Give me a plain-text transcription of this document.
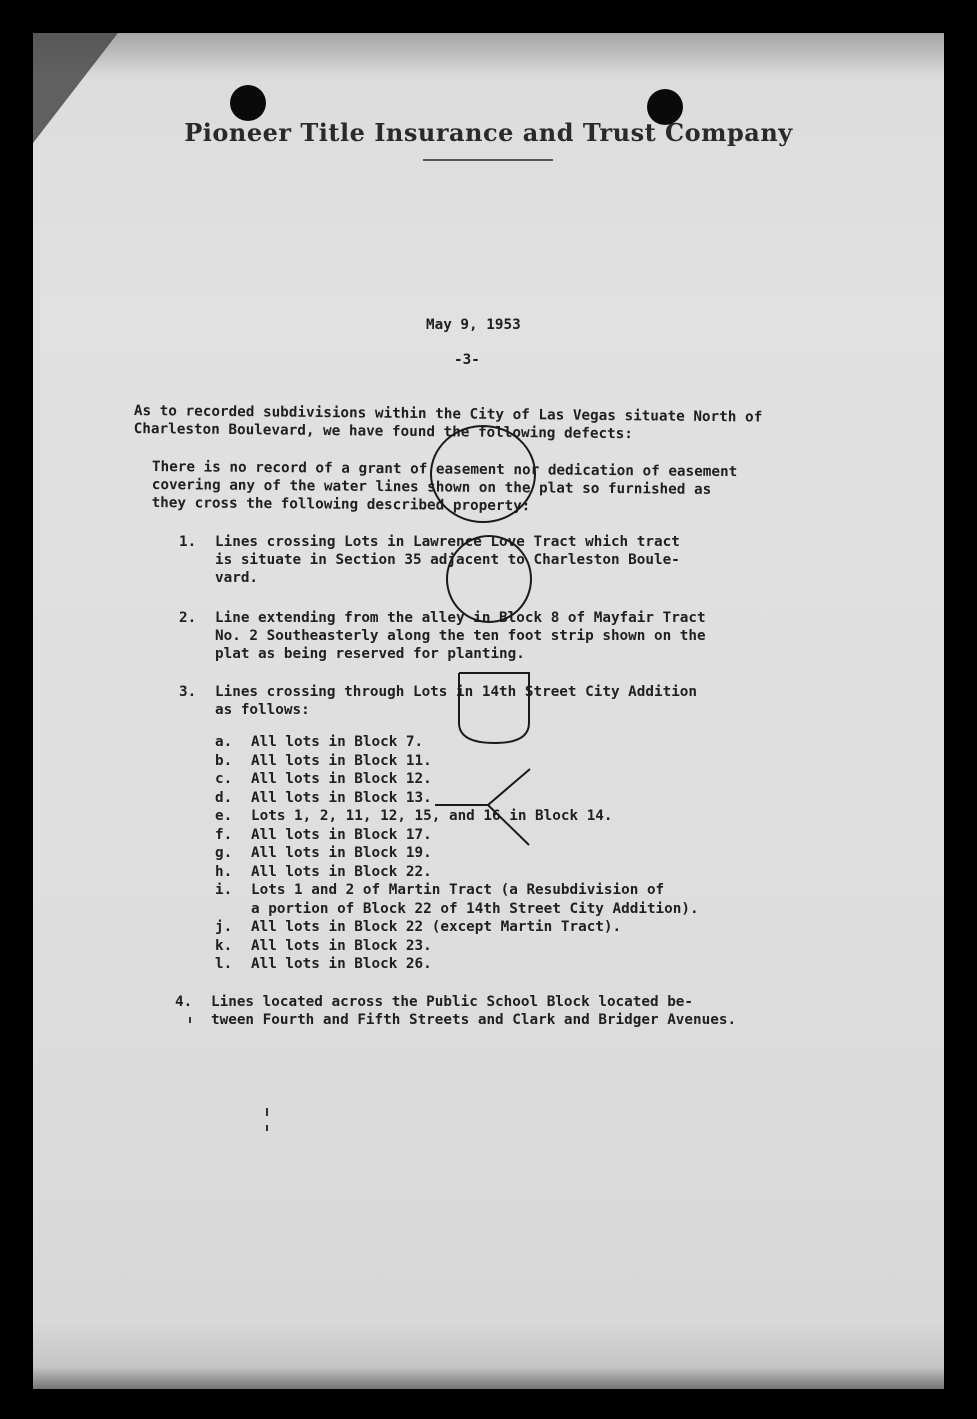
Pioneer Title Insurance and Trust Company
May 9, 1953
-3-
As to recorded subdivisions within the City of Las Vegas situate North of
Charleston Boulevard, we have found the following defects:
There is no record of a grant of easement nor dedication of easement
covering any of the water lines shown on the plat so furnished as
they cross the following described property:
1. Lines crossing Lots in Lawrence Love Tract which tract
is situate in Section 35 adjacent to Charleston Boule-
vard.
2. Line extending from the alley in Block 8 of Mayfair Tract
No. 2 Southeasterly along the ten foot strip shown on the
plat as being reserved for planting.
3. Lines crossing through Lots in 14th Street City Addition
as follows:
a. All lots in Block 7.
b. All lots in Block 11.
c. All lots in Block 12.
d. All lots in Block 13.
e. Lots 1, 2, 11, 12, 15, and 16 in Block 14.
f. All lots in Block 17.
g. All lots in Block 19.
h. All lots in Block 22.
i. Lots 1 and 2 of Martin Tract (a Resubdivision of
a portion of Block 22 of 14th Street City Addition).
j. All lots in Block 22 (except Martin Tract).
k. All lots in Block 23.
l. All lots in Block 26.
4. Lines located across the Public School Block located be-
tween Fourth and Fifth Streets and Clark and Bridger Avenues.
